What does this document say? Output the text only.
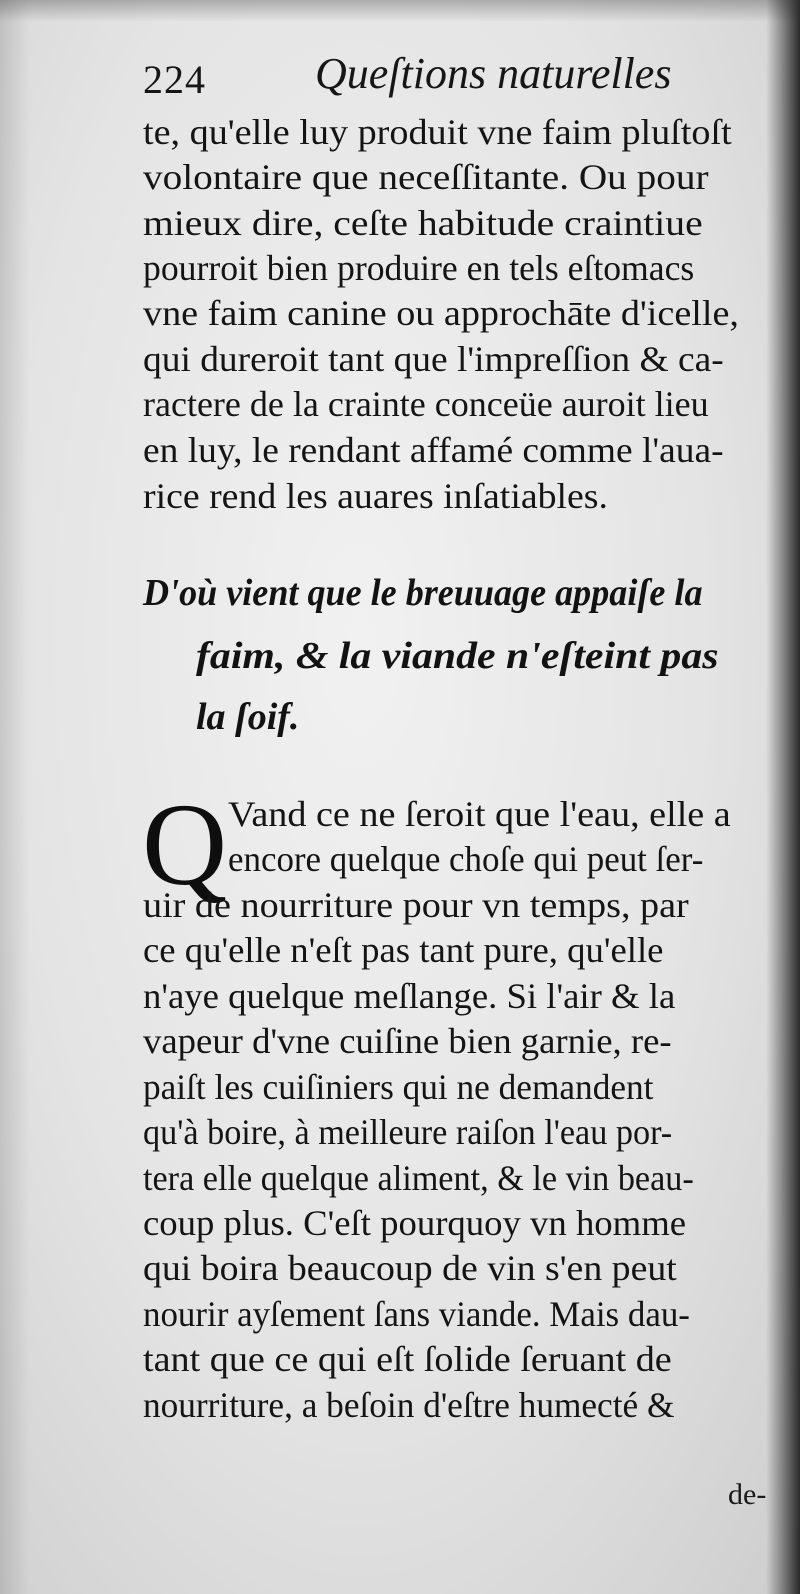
224 Queſtions naturelles
te, qu'elle luy produit vne faim pluſtoſt
volontaire que neceſſitante. Ou pour
mieux dire, ceſte habitude craintiue
pourroit bien produire en tels eſtomacs
vne faim canine ou approchāte d'icelle,
qui dureroit tant que l'impreſſion & ca-
ractere de la crainte conceüe auroit lieu
en luy, le rendant affamé comme l'aua-
rice rend les auares inſatiables.
D'où vient que le breuuage appaiſe la
faim, & la viande n'eſteint pas
la ſoif.
Q Vand ce ne ſeroit que l'eau, elle a
encore quelque choſe qui peut ſer-
uir de nourriture pour vn temps, par
ce qu'elle n'eſt pas tant pure, qu'elle
n'aye quelque meſlange. Si l'air & la
vapeur d'vne cuiſine bien garnie, re-
paiſt les cuiſiniers qui ne demandent
qu'à boire, à meilleure raiſon l'eau por-
tera elle quelque aliment, & le vin beau-
coup plus. C'eſt pourquoy vn homme
qui boira beaucoup de vin s'en peut
nourir ayſement ſans viande. Mais dau-
tant que ce qui eſt ſolide ſeruant de
nourriture, a beſoin d'eſtre humecté &
de-
